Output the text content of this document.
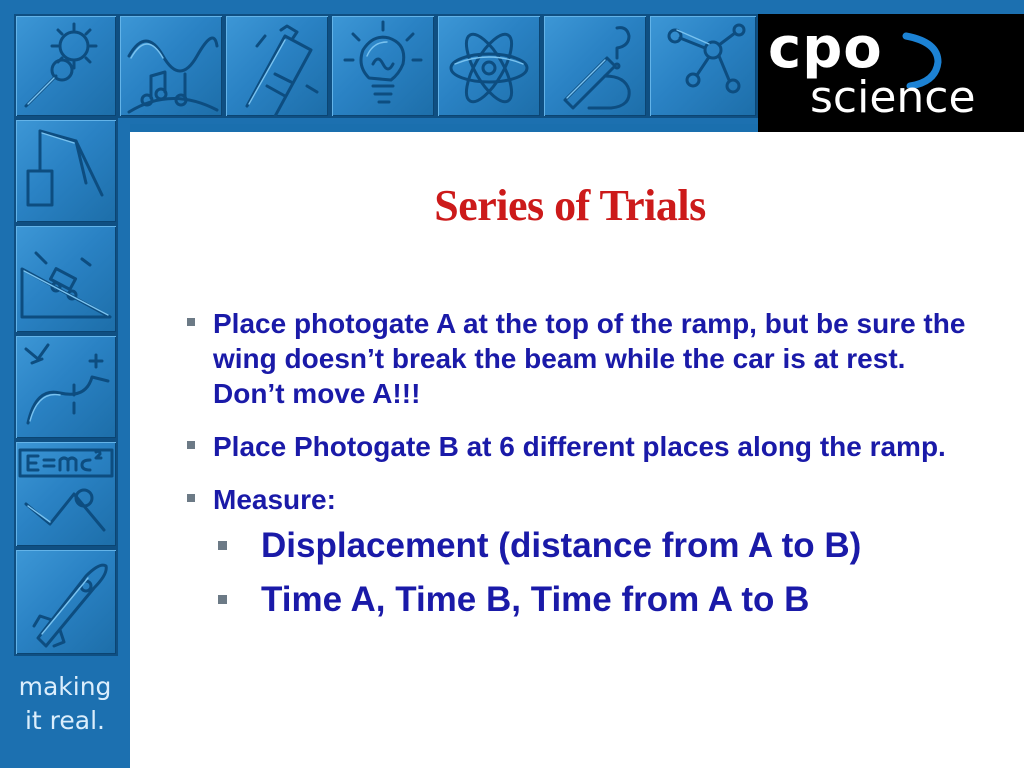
cpo
science
making
it real.
Series of Trials
Place photogate A at the top of the ramp, but be sure the wing doesn’t break the beam while the car is at rest. Don’t move A!!!
Place Photogate B at 6 different places along the ramp.
Measure:
Displacement (distance from A to B)
Time A, Time B, Time from A to B
